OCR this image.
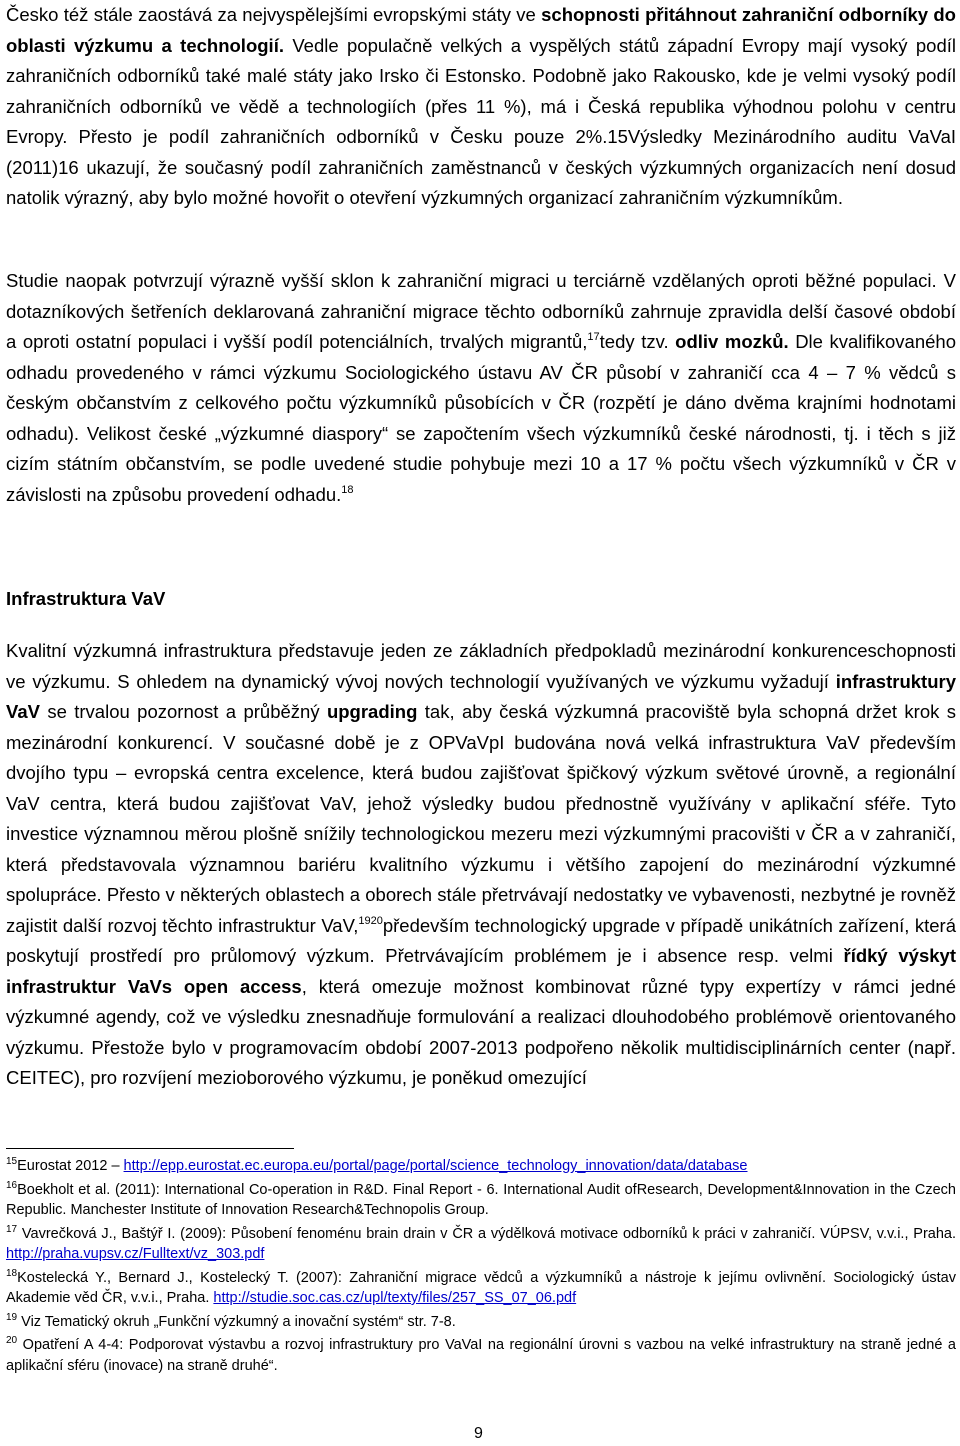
Česko též stále zaostává za nejvyspělejšími evropskými státy ve schopnosti přitáhnout zahraniční odborníky do oblasti výzkumu a technologií. Vedle populačně velkých a vyspělých států západní Evropy mají vysoký podíl zahraničních odborníků také malé státy jako Irsko či Estonsko. Podobně jako Rakousko, kde je velmi vysoký podíl zahraničních odborníků ve vědě a technologiích (přes 11 %), má i Česká republika výhodnou polohu v centru Evropy. Přesto je podíl zahraničních odborníků v Česku pouze 2%.15Výsledky Mezinárodního auditu VaVaI (2011)16 ukazují, že současný podíl zahraničních zaměstnanců v českých výzkumných organizacích není dosud natolik výrazný, aby bylo možné hovořit o otevření výzkumných organizací zahraničním výzkumníkům.

Studie naopak potvrzují výrazně vyšší sklon k zahraniční migraci u terciárně vzdělaných oproti běžné populaci. V dotazníkových šetřeních deklarovaná zahraniční migrace těchto odborníků zahrnuje zpravidla delší časové období a oproti ostatní populaci i vyšší podíl potenciálních, trvalých migrantů,$^{17}$tedy tzv. odliv mozků. Dle kvalifikovaného odhadu provedeného v rámci výzkumu Sociologického ústavu AV ČR působí v zahraničí cca 4 – 7 % vědců s českým občanstvím z celkového počtu výzkumníků působících v ČR (rozpětí je dáno dvěma krajními hodnotami odhadu). Velikost české „výzkumné diaspory“ se započtením všech výzkumníků české národnosti, tj. i těch s již cizím státním občanstvím, se podle uvedené studie pohybuje mezi 10 a 17 % počtu všech výzkumníků v ČR v závislosti na způsobu provedení odhadu.$^{18}$

Infrastruktura VaV

Kvalitní výzkumná infrastruktura představuje jeden ze základních předpokladů mezinárodní konkurenceschopnosti ve výzkumu. S ohledem na dynamický vývoj nových technologií využívaných ve výzkumu vyžadují infrastruktury VaV se trvalou pozornost a průběžný upgrading tak, aby česká výzkumná pracoviště byla schopná držet krok s mezinárodní konkurencí. V současné době je z OPVaVpI budována nová velká infrastruktura VaV především dvojího typu – evropská centra excelence, která budou zajišťovat špičkový výzkum světové úrovně, a regionální VaV centra, která budou zajišťovat VaV, jehož výsledky budou přednostně využívány v aplikační sféře. Tyto investice významnou měrou plošně snížily technologickou mezeru mezi výzkumnými pracovišti v ČR a v zahraničí, která představovala významnou bariéru kvalitního výzkumu i většího zapojení do mezinárodní výzkumné spolupráce. Přesto v některých oblastech a oborech stále přetrvávají nedostatky ve vybavenosti, nezbytné je rovněž zajistit další rozvoj těchto infrastruktur VaV,$^{1920}$především technologický upgrade v případě unikátních zařízení, která poskytují prostředí pro průlomový výzkum. Přetrvávajícím problémem je i absence resp. velmi řídký výskyt infrastruktur VaVs open access, která omezuje možnost kombinovat různé typy expertízy v rámci jedné výzkumné agendy, což ve výsledku znesnadňuje formulování a realizaci dlouhodobého problémově orientovaného výzkumu. Přestože bylo v programovacím období 2007-2013 podpořeno několik multidisciplinárních center (např. CEITEC), pro rozvíjení mezioborového výzkumu, je poněkud omezující

$^{15}$Eurostat 2012 – http://epp.eurostat.ec.europa.eu/portal/page/portal/science_technology_innovation/data/database

$^{16}$Boekholt et al. (2011): International Co-operation in R&D. Final Report - 6. International Audit ofResearch, Development&Innovation in the Czech Republic. Manchester Institute of Innovation Research&Technopolis Group.

$^{17}$ Vavrečková J., Baštýř I. (2009): Působení fenoménu brain drain v ČR a výdělková motivace odborníků k práci v zahraničí. VÚPSV, v.v.i., Praha. http://praha.vupsv.cz/Fulltext/vz_303.pdf

$^{18}$Kostelecká Y., Bernard J., Kostelecký T. (2007): Zahraniční migrace vědců a výzkumníků a nástroje k jejímu ovlivnění. Sociologický ústav Akademie věd ČR, v.v.i., Praha. http://studie.soc.cas.cz/upl/texty/files/257_SS_07_06.pdf

$^{19}$ Viz Tematický okruh „Funkční výzkumný a inovační systém“ str. 7-8.

$^{20}$ Opatření A 4-4: Podporovat výstavbu a rozvoj infrastruktury pro VaVaI na regionální úrovni s vazbou na velké infrastruktury na straně jedné a aplikační sféru (inovace) na straně druhé“.

9
